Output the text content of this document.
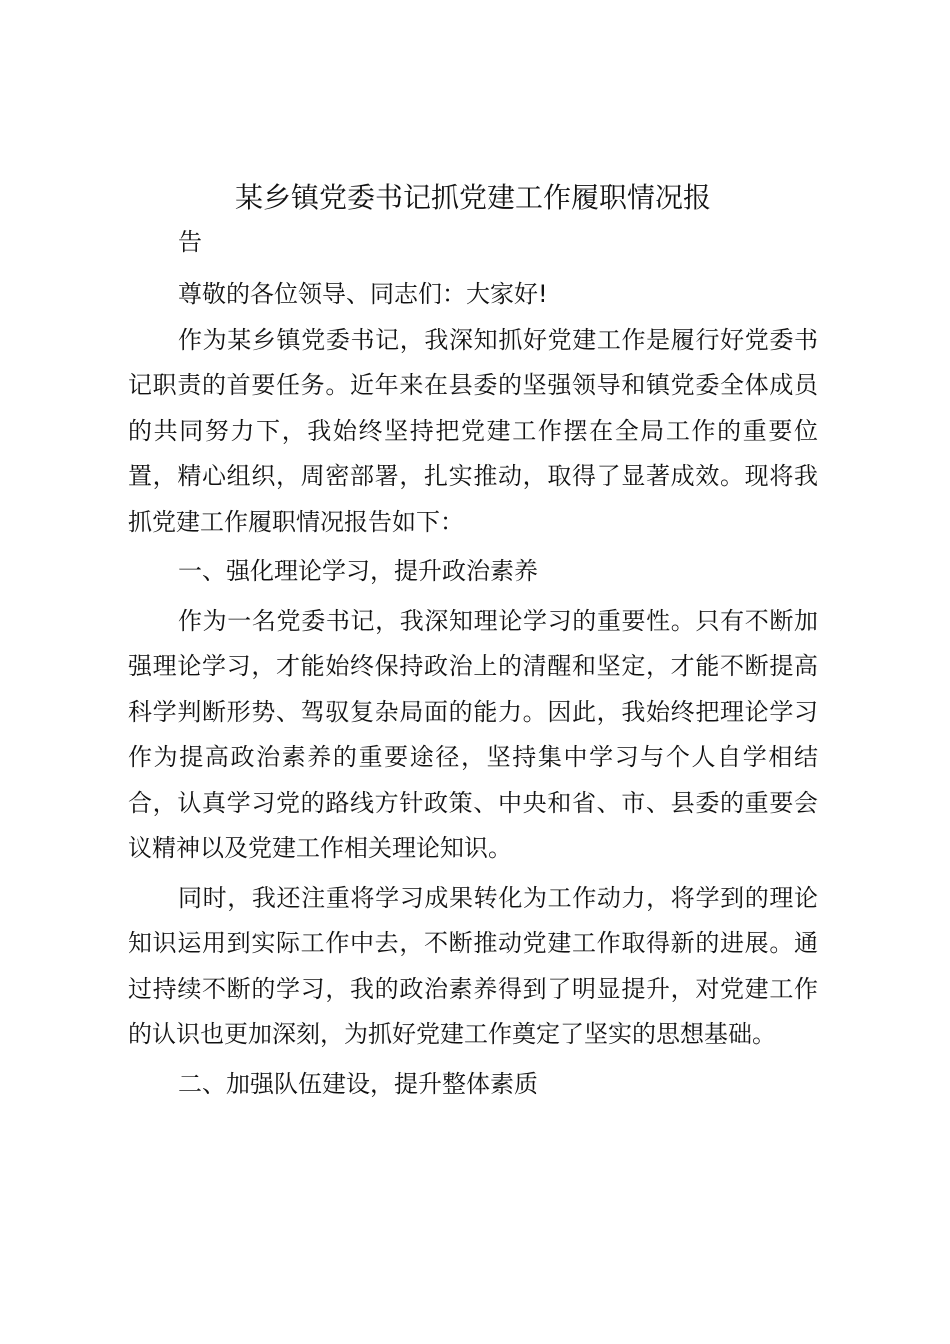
某乡镇党委书记抓党建工作履职情况报
告

尊敬的各位领导、同志们：大家好!

作为某乡镇党委书记，我深知抓好党建工作是履行好党委书记职责的首要任务。近年来在县委的坚强领导和镇党委全体成员的共同努力下，我始终坚持把党建工作摆在全局工作的重要位置，精心组织，周密部署，扎实推动，取得了显著成效。现将我抓党建工作履职情况报告如下：

一、强化理论学习，提升政治素养

作为一名党委书记，我深知理论学习的重要性。只有不断加强理论学习，才能始终保持政治上的清醒和坚定，才能不断提高科学判断形势、驾驭复杂局面的能力。因此，我始终把理论学习作为提高政治素养的重要途径，坚持集中学习与个人自学相结合，认真学习党的路线方针政策、中央和省、市、县委的重要会议精神以及党建工作相关理论知识。

同时，我还注重将学习成果转化为工作动力，将学到的理论知识运用到实际工作中去，不断推动党建工作取得新的进展。通过持续不断的学习，我的政治素养得到了明显提升，对党建工作的认识也更加深刻，为抓好党建工作奠定了坚实的思想基础。

二、加强队伍建设，提升整体素质
